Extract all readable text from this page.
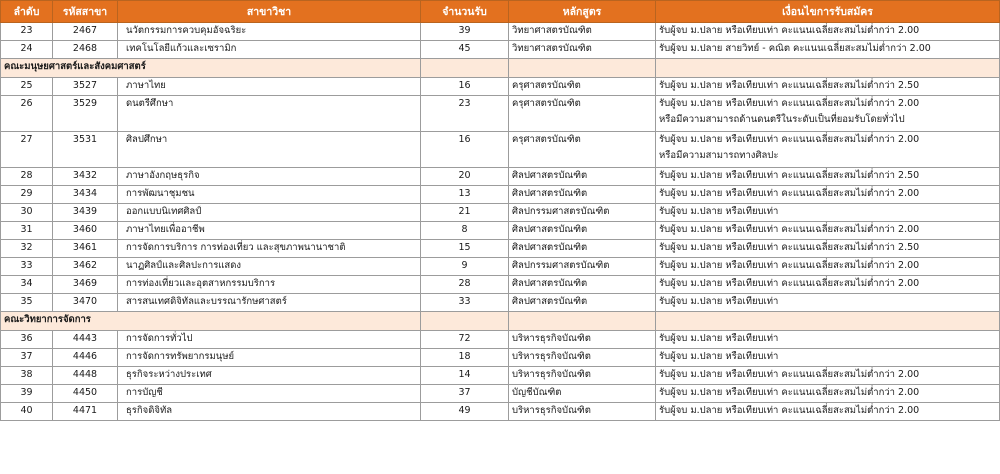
ลำดับ	รหัสสาขา	สาขาวิชา	จำนวนรับ	หลักสูตร	เงื่อนไขการรับสมัคร
23	2467	นวัตกรรมการควบคุมอัจฉริยะ	39	วิทยาศาสตรบัณฑิต	รับผู้จบ ม.ปลาย หรือเทียบเท่า คะแนนเฉลี่ยสะสมไม่ต่ำกว่า 2.00

24	2468	เทคโนโลยีแก้วและเซรามิก	45	วิทยาศาสตรบัณฑิต	รับผู้จบ ม.ปลาย สายวิทย์ - คณิต คะแนนเฉลี่ยสะสมไม่ต่ำกว่า 2.00

คณะมนุษยศาสตร์และสังคมศาสตร์					
25	3527	ภาษาไทย	16	ครุศาสตรบัณฑิต	รับผู้จบ ม.ปลาย หรือเทียบเท่า คะแนนเฉลี่ยสะสมไม่ต่ำกว่า 2.50

26	3529	ดนตรีศึกษา	23	ครุศาสตรบัณฑิต	รับผู้จบ ม.ปลาย หรือเทียบเท่า คะแนนเฉลี่ยสะสมไม่ต่ำกว่า 2.00
หรือมีความสามารถด้านดนตรีในระดับเป็นที่ยอมรับโดยทั่วไป

27	3531	ศิลปศึกษา	16	ครุศาสตรบัณฑิต	รับผู้จบ ม.ปลาย หรือเทียบเท่า คะแนนเฉลี่ยสะสมไม่ต่ำกว่า 2.00
หรือมีความสามารถทางศิลปะ

28	3432	ภาษาอังกฤษธุรกิจ	20	ศิลปศาสตรบัณฑิต	รับผู้จบ ม.ปลาย หรือเทียบเท่า คะแนนเฉลี่ยสะสมไม่ต่ำกว่า 2.50

29	3434	การพัฒนาชุมชน	13	ศิลปศาสตรบัณฑิต	รับผู้จบ ม.ปลาย หรือเทียบเท่า คะแนนเฉลี่ยสะสมไม่ต่ำกว่า 2.00

30	3439	ออกแบบนิเทศศิลป์	21	ศิลปกรรมศาสตรบัณฑิต	รับผู้จบ ม.ปลาย หรือเทียบเท่า

31	3460	ภาษาไทยเพื่ออาชีพ	8	ศิลปศาสตรบัณฑิต	รับผู้จบ ม.ปลาย หรือเทียบเท่า คะแนนเฉลี่ยสะสมไม่ต่ำกว่า 2.00

32	3461	การจัดการบริการ การท่องเที่ยว และสุขภาพนานาชาติ	15	ศิลปศาสตรบัณฑิต	รับผู้จบ ม.ปลาย หรือเทียบเท่า คะแนนเฉลี่ยสะสมไม่ต่ำกว่า 2.50

33	3462	นาฏศิลป์และศิลปะการแสดง	9	ศิลปกรรมศาสตรบัณฑิต	รับผู้จบ ม.ปลาย หรือเทียบเท่า คะแนนเฉลี่ยสะสมไม่ต่ำกว่า 2.00

34	3469	การท่องเที่ยวและอุตสาหกรรมบริการ	28	ศิลปศาสตรบัณฑิต	รับผู้จบ ม.ปลาย หรือเทียบเท่า คะแนนเฉลี่ยสะสมไม่ต่ำกว่า 2.00

35	3470	สารสนเทศดิจิทัลและบรรณารักษศาสตร์	33	ศิลปศาสตรบัณฑิต	รับผู้จบ ม.ปลาย หรือเทียบเท่า

คณะวิทยาการจัดการ					
36	4443	การจัดการทั่วไป	72	บริหารธุรกิจบัณฑิต	รับผู้จบ ม.ปลาย หรือเทียบเท่า

37	4446	การจัดการทรัพยากรมนุษย์	18	บริหารธุรกิจบัณฑิต	รับผู้จบ ม.ปลาย หรือเทียบเท่า

38	4448	ธุรกิจระหว่างประเทศ	14	บริหารธุรกิจบัณฑิต	รับผู้จบ ม.ปลาย หรือเทียบเท่า คะแนนเฉลี่ยสะสมไม่ต่ำกว่า 2.00

39	4450	การบัญชี	37	บัญชีบัณฑิต	รับผู้จบ ม.ปลาย หรือเทียบเท่า คะแนนเฉลี่ยสะสมไม่ต่ำกว่า 2.00

40	4471	ธุรกิจดิจิทัล	49	บริหารธุรกิจบัณฑิต	รับผู้จบ ม.ปลาย หรือเทียบเท่า คะแนนเฉลี่ยสะสมไม่ต่ำกว่า 2.00
